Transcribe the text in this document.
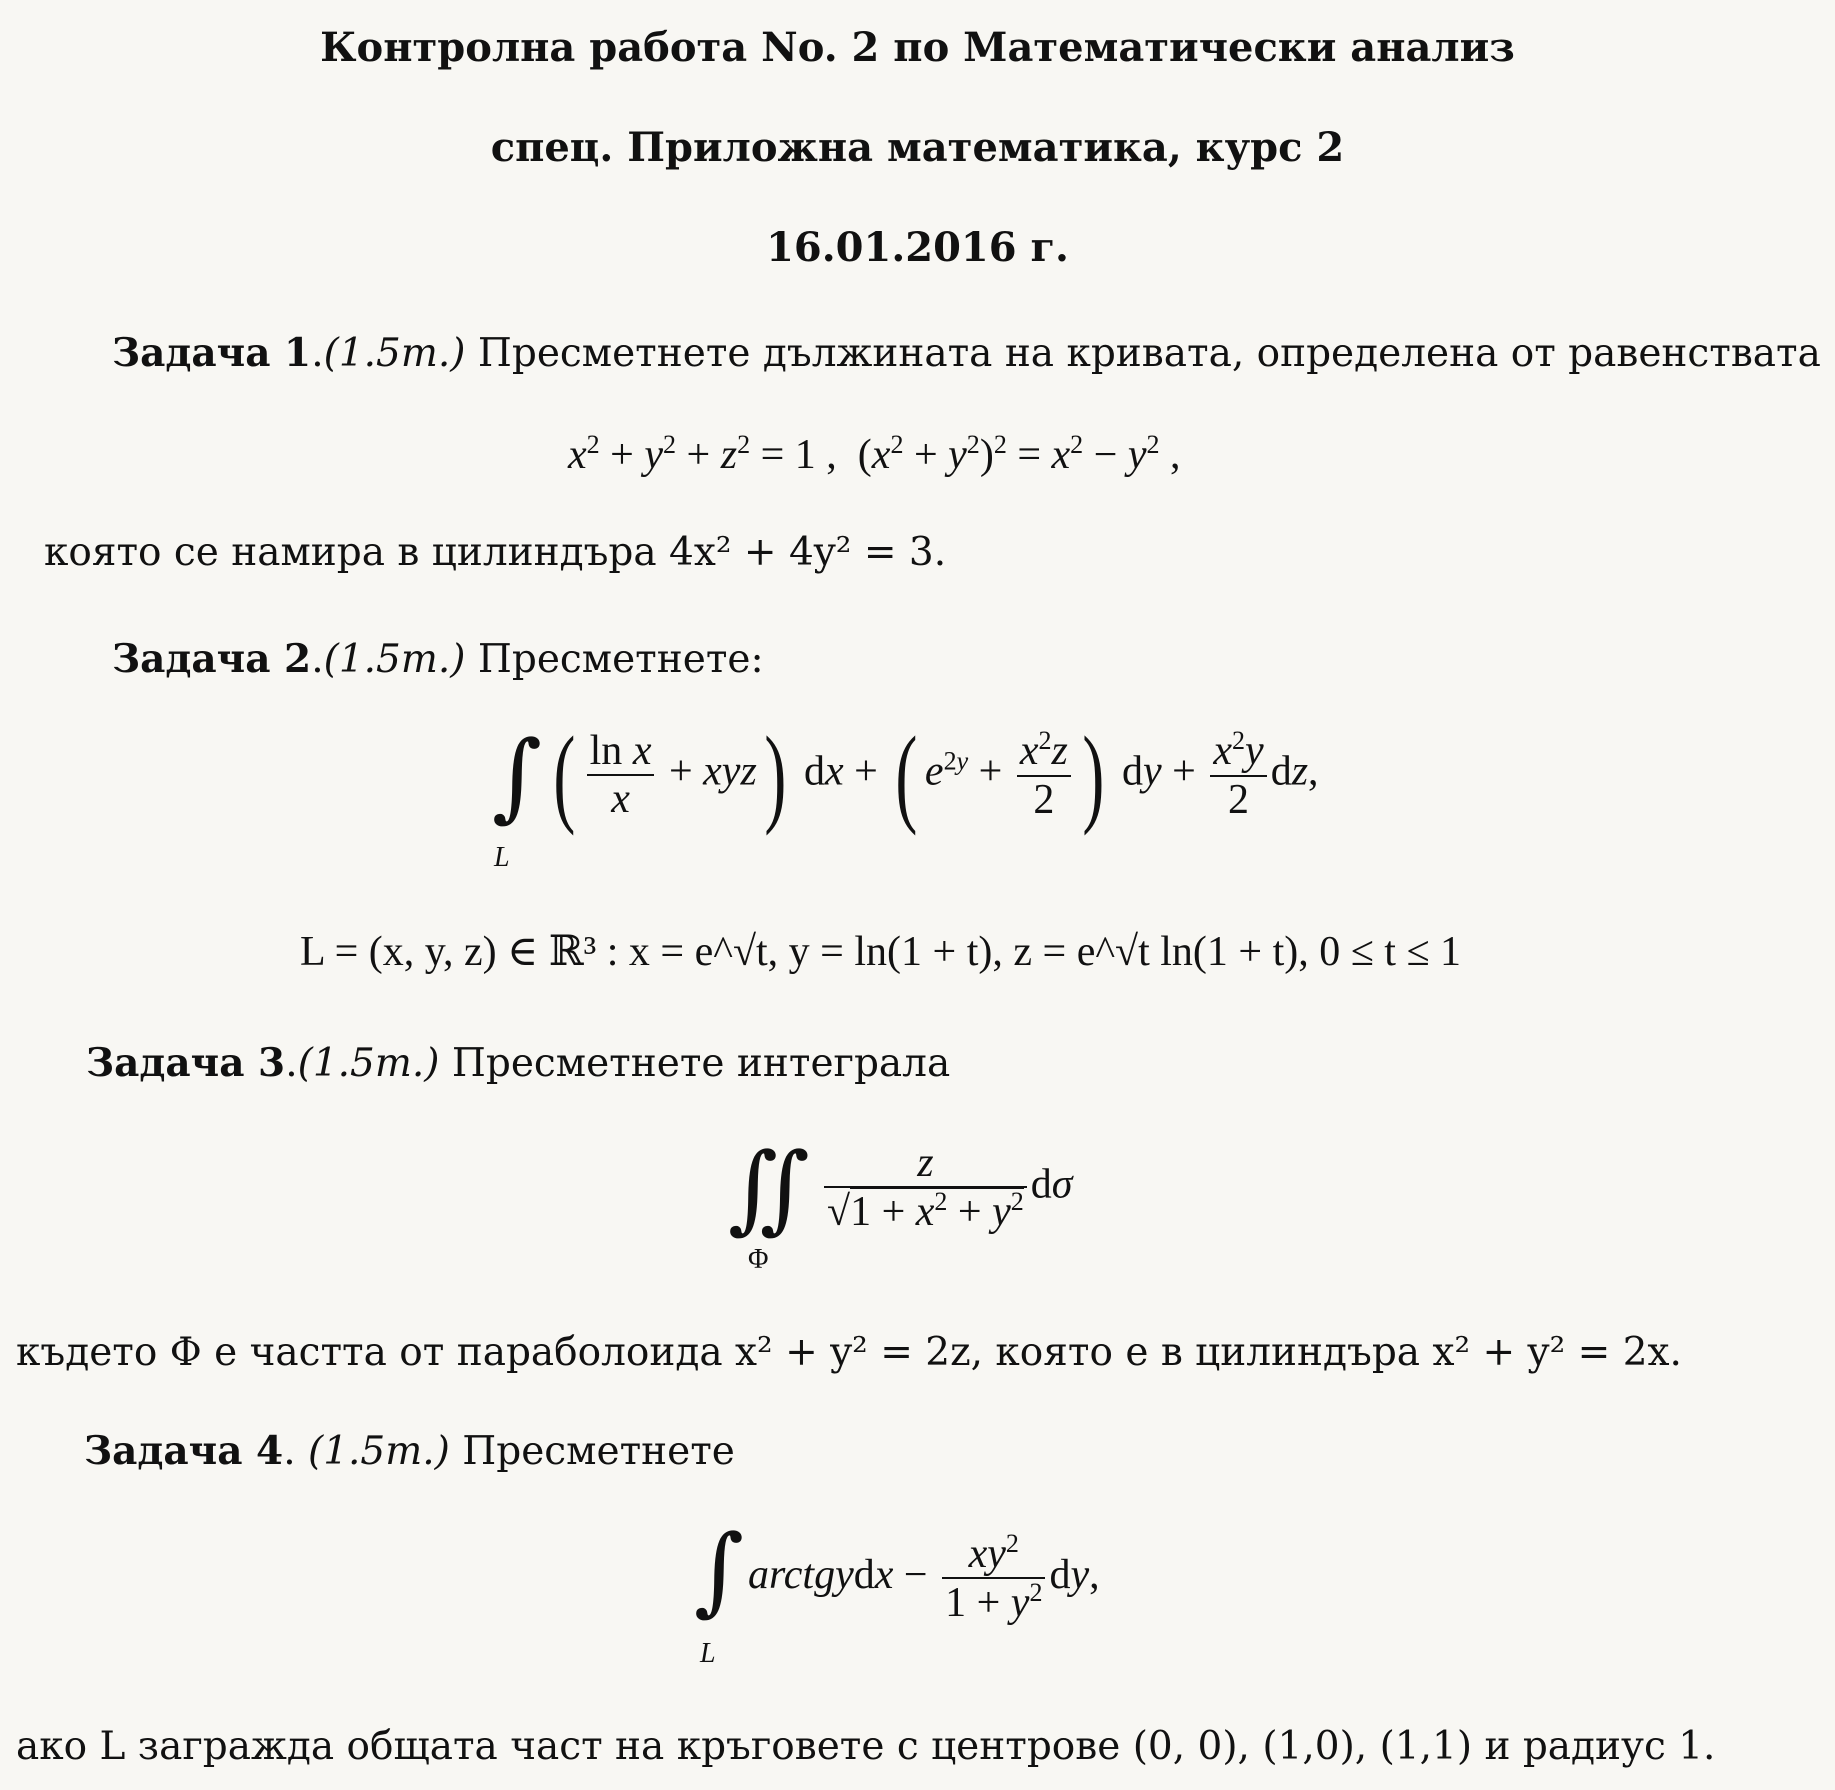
Контролна работа No. 2 по Математически анализ
спец. Приложна математика, курс 2
16.01.2016 г.
Задача 1.(1.5m.) Пресметнете дължината на кривата, определена от равенствата
$x^2 + y^2 + z^2 = 1$ ,  $(x^2 + y^2)^2 = x^2 - y^2$ ,
която се намира в цилиндъра 4x² + 4y² = 3.
Задача 2.(1.5m.) Пресметнете:
∫
L
( $\frac{\text{ln x}}{x} + xyz$) dx + ( $e^{2y} + \frac{x^2z}{2}$ ) dy + $\frac{x^2y}{2}$ dz,
L = (x, y, z) ∈ ℝ³ : x = e^√t, y = ln(1 + t), z = e^√t ln(1 + t), 0 ≤ t ≤ 1
Задача 3.(1.5m.) Пресметнете интеграла
∬
Φ
$\frac{z}{√1 + x^2 + y^2}$ dσ
където Φ е частта от параболоида x² + y² = 2z, която е в цилиндъра x² + y² = 2x.
Задача 4. (1.5m.) Пресметнете
∫
L
arctgydx − $\frac{xy^2}{1 + y^2}$ dy,
ако L загражда общата част на кръговете с центрове (0, 0), (1,0), (1,1) и радиус 1.
